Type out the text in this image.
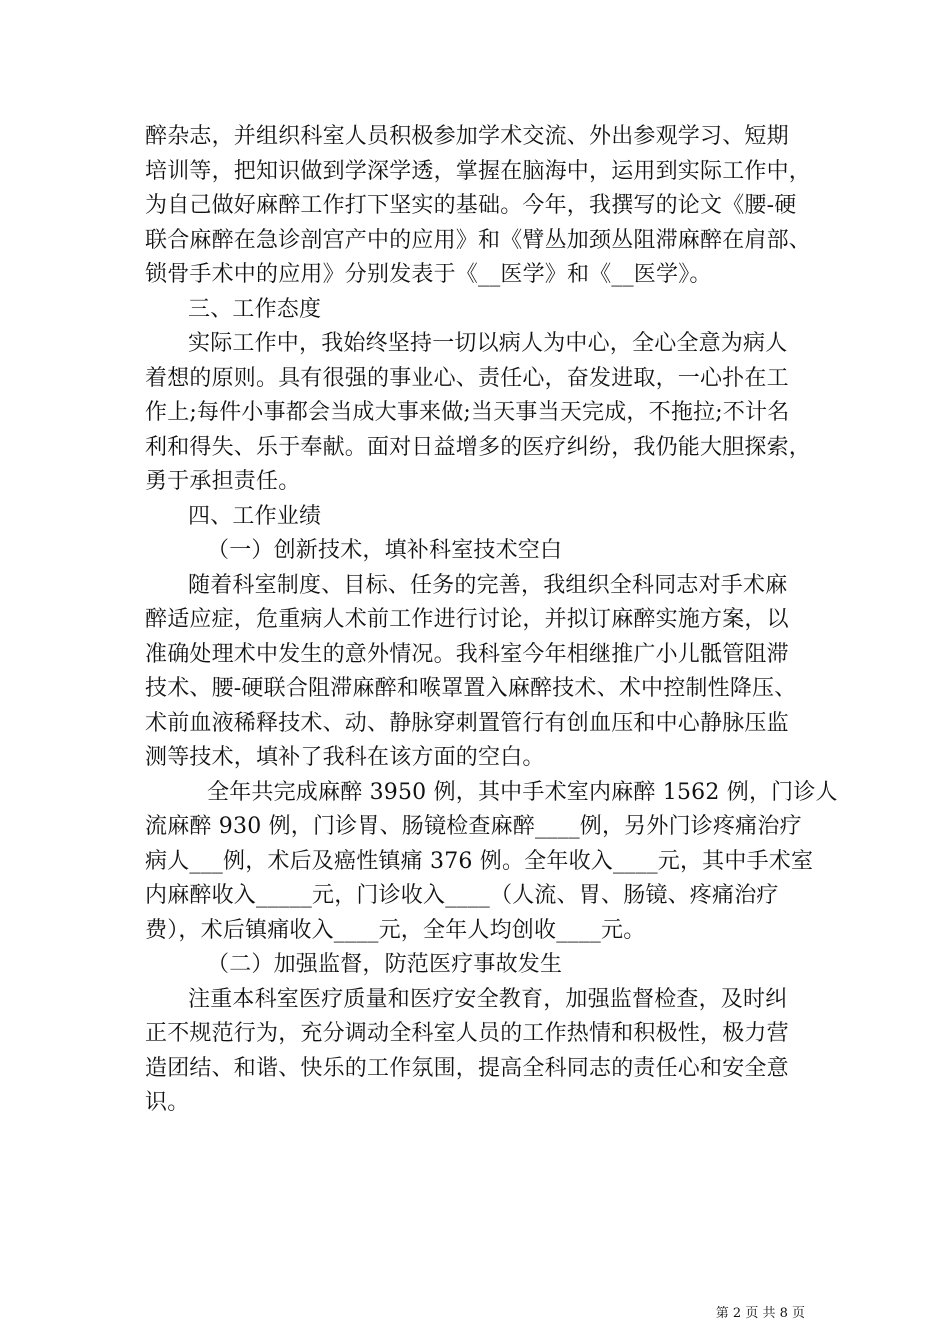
醉杂志，并组织科室人员积极参加学术交流、外出参观学习、短期
培训等，把知识做到学深学透，掌握在脑海中，运用到实际工作中，
为自己做好麻醉工作打下坚实的基础。今年，我撰写的论文《腰-硬
联合麻醉在急诊剖宫产中的应用》和《臂丛加颈丛阻滞麻醉在肩部、
锁骨手术中的应用》分别发表于《__医学》和《__医学》。
三、工作态度
实际工作中，我始终坚持一切以病人为中心，全心全意为病人
着想的原则。具有很强的事业心、责任心，奋发进取，一心扑在工
作上;每件小事都会当成大事来做;当天事当天完成，不拖拉;不计名
利和得失、乐于奉献。面对日益增多的医疗纠纷，我仍能大胆探索，
勇于承担责任。
四、工作业绩
（一）创新技术，填补科室技术空白
随着科室制度、目标、任务的完善，我组织全科同志对手术麻
醉适应症，危重病人术前工作进行讨论，并拟订麻醉实施方案，以
准确处理术中发生的意外情况。我科室今年相继推广小儿骶管阻滞
技术、腰-硬联合阻滞麻醉和喉罩置入麻醉技术、术中控制性降压、
术前血液稀释技术、动、静脉穿刺置管行有创血压和中心静脉压监
测等技术，填补了我科在该方面的空白。
全年共完成麻醉 3950 例，其中手术室内麻醉 1562 例，门诊人
流麻醉 930 例，门诊胃、肠镜检查麻醉____例，另外门诊疼痛治疗
病人___例，术后及癌性镇痛 376 例。全年收入____元，其中手术室
内麻醉收入_____元，门诊收入____（人流、胃、肠镜、疼痛治疗
费），术后镇痛收入____元，全年人均创收____元。
（二）加强监督，防范医疗事故发生
注重本科室医疗质量和医疗安全教育，加强监督检查，及时纠
正不规范行为，充分调动全科室人员的工作热情和积极性，极力营
造团结、和谐、快乐的工作氛围，提高全科同志的责任心和安全意
识。
第 2 页 共 8 页
